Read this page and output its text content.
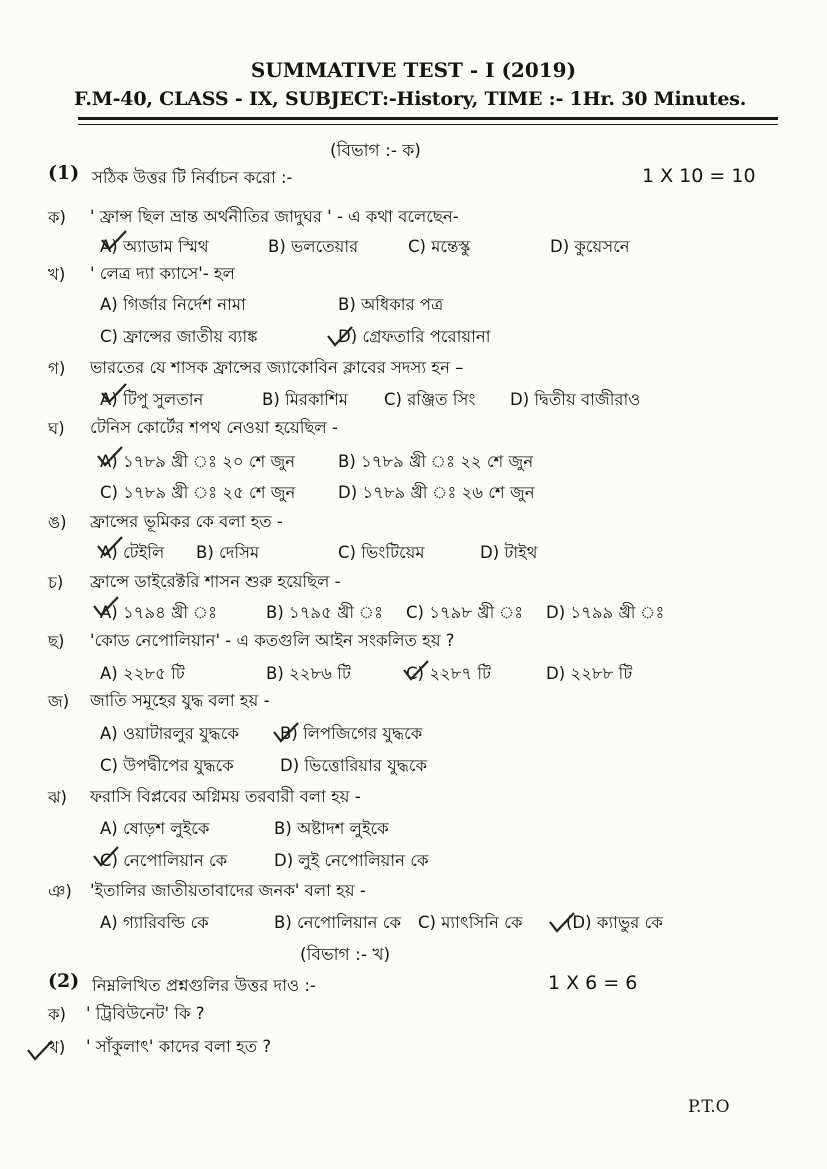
SUMMATIVE TEST - I (2019)
F.M-40, CLASS - IX, SUBJECT:-History, TIME :- 1Hr. 30 Minutes.
(বিভাগ :- ক)
(1) সঠিক উত্তর টি নির্বাচন করো :-	1 X 10 = 10
ক) ' ফ্রান্স ছিল ভ্রান্ত অর্থনীতির জাদুঘর ' - এ কথা বলেছেন-
A) অ্যাডাম স্মিথ	B) ভলতেয়ার	C) মন্তেস্কু	D) কুয়েসনে
খ) ' লেত্র দ্যা ক্যাসে'- হল
A) গির্জার নির্দেশ নামা	B) অধিকার পত্র
C) ফ্রান্সের জাতীয় ব্যাঙ্ক	D) গ্রেফতারি পরোয়ানা
গ) ভারতের যে শাসক ফ্রান্সের জ্যাকোবিন ক্লাবের সদস্য হন –
A) টিপু সুলতান	B) মিরকাশিম C) রঞ্জিত সিং D) দ্বিতীয় বাজীরাও
ঘ) টেনিস কোর্টের শপথ নেওয়া হয়েছিল -
A) ১৭৮৯ খ্রী ঃ ২০ শে জুন	B) ১৭৮৯ খ্রী ঃ ২২ শে জুন
C) ১৭৮৯ খ্রী ঃ ২৫ শে জুন	D) ১৭৮৯ খ্রী ঃ ২৬ শে জুন
ঙ) ফ্রান্সের ভূমিকর কে বলা হত -
A) টেইলি B) দেসিম	C) ভিংটিয়েম	D) টাইথ
চ) ফ্রান্সে ডাইরেক্টরি শাসন শুরু হয়েছিল -
A) ১৭৯৪ খ্রী ঃ	B) ১৭৯৫ খ্রী ঃ C) ১৭৯৮ খ্রী ঃ D) ১৭৯৯ খ্রী ঃ
ছ) 'কোড নেপোলিয়ান' - এ কতগুলি আইন সংকলিত হয় ?
A) ২২৮৫ টি	B) ২২৮৬ টি	C) ২২৮৭ টি	D) ২২৮৮ টি
জ) জাতি সমূহের যুদ্ধ বলা হয় -
A) ওয়াটারলুর যুদ্ধকে B) লিপজিগের যুদ্ধকে
C) উপদ্বীপের যুদ্ধকে	D) ভিত্তোরিয়ার যুদ্ধকে
ঝ) ফরাসি বিপ্লবের অগ্নিময় তরবারী বলা হয় -
A) ষোড়শ লুইকে	B) অষ্টাদশ লুইকে
C) নেপোলিয়ান কে	D) লুই নেপোলিয়ান কে
ঞ) 'ইতালির জাতীয়তাবাদের জনক' বলা হয় -
A) গ্যারিবল্ডি কে	B) নেপোলিয়ান কে C) ম্যাৎসিনি কে	(D) ক্যাভুর কে
(বিভাগ :- খ)
(2) নিম্নলিখিত প্রশ্নগুলির উত্তর দাও :-	1 X 6 = 6
ক) ' ট্রিবিউনেট' কি ?
খ) ' সাঁকুলাৎ' কাদের বলা হত ?
P.T.O
